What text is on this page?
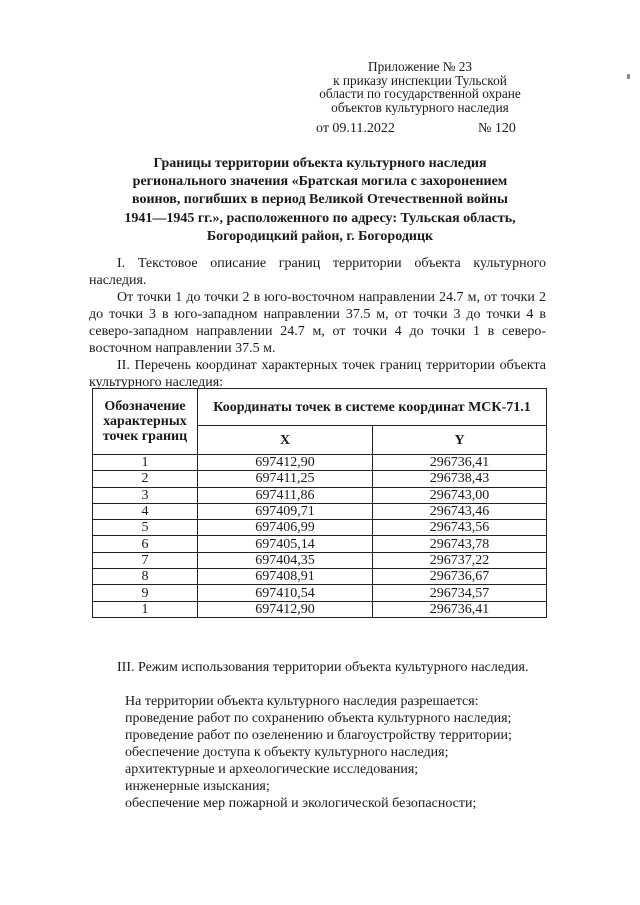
Приложение № 23
к приказу инспекции Тульской
области по государственной охране
объектов культурного наследия
от 09.11.2022	№ 120
Границы территории объекта культурного наследия
регионального значения «Братская могила с захоронением
воинов, погибших в период Великой Отечественной войны
1941—1945 гг.», расположенного по адресу: Тульская область,
Богородицкий район, г. Богородицк
I. Текстовое описание границ территории объекта культурного наследия.
От точки 1 до точки 2 в юго-восточном направлении 24.7 м, от точки 2 до точки 3 в юго-западном направлении 37.5 м, от точки 3 до точки 4 в северо-западном направлении 24.7 м, от точки 4 до точки 1 в северо-восточном направлении 37.5 м.
II. Перечень координат характерных точек границ территории объекта культурного наследия:
Обозначение характерных точек границ	Координаты точек в системе координат МСК-71.1	
	X	Y
1	697412,90	296736,41
2	697411,25	296738,43
3	697411,86	296743,00
4	697409,71	296743,46
5	697406,99	296743,56
6	697405,14	296743,78
7	697404,35	296737,22
8	697408,91	296736,67
9	697410,54	296734,57
1	697412,90	296736,41
III. Режим использования территории объекта культурного наследия.
На территории объекта культурного наследия разрешается:
проведение работ по сохранению объекта культурного наследия;
проведение работ по озеленению и благоустройству территории;
обеспечение доступа к объекту культурного наследия;
архитектурные и археологические исследования;
инженерные изыскания;
обеспечение мер пожарной и экологической безопасности;
